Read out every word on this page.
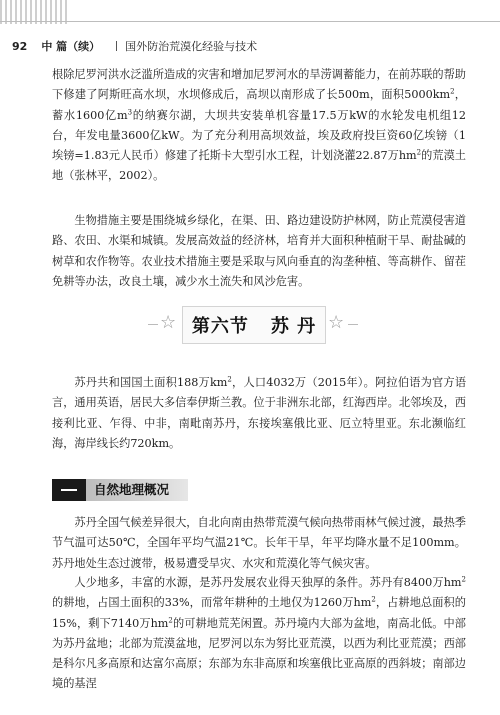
92 中 篇（续） 国外防治荒漠化经验与技术

根除尼罗河洪水泛滥所造成的灾害和增加尼罗河水的旱涝调蓄能力，在前苏联的帮助下修建了阿斯旺高水坝，水坝修成后，高坝以南形成了长500m，面积$5000km^2$，蓄水1600亿$m^3$的纳赛尔湖，大坝共安装单机容量17.5万kW的水轮发电机组12台，年发电量3600亿kW。为了充分利用高坝效益，埃及政府投巨资60亿埃镑（1埃镑=1.83元人民币）修建了托斯卡大型引水工程，计划浇灌22.87万$hm^2$的荒漠土地（张林平，2002）。

生物措施主要是围绕城乡绿化，在渠、田、路边建设防护林网，防止荒漠侵害道路、农田、水渠和城镇。发展高效益的经济林，培育并大面积种植耐干旱、耐盐碱的树草和农作物等。农业技术措施主要是采取与风向垂直的沟垄种植、等高耕作、留茬免耕等办法，改良土壤，减少水土流失和风沙危害。

☆ 第六节 苏 丹 ☆

苏丹共和国国土面积188万$km^2$，人口4032万（2015年）。阿拉伯语为官方语言，通用英语，居民大多信奉伊斯兰教。位于非洲东北部，红海西岸。北邻埃及，西接利比亚、乍得、中非，南毗南苏丹，东接埃塞俄比亚、厄立特里亚。东北濒临红海，海岸线长约720km。

自然地理概况

苏丹全国气候差异很大，自北向南由热带荒漠气候向热带雨林气候过渡，最热季节气温可达50℃，全国年平均气温21℃。长年干旱，年平均降水量不足100mm。苏丹地处生态过渡带，极易遭受旱灾、水灾和荒漠化等气候灾害。

人少地多，丰富的水源，是苏丹发展农业得天独厚的条件。苏丹有8400万$hm^2$的耕地，占国土面积的33%，而常年耕种的土地仅为1260万$hm^2$，占耕地总面积的15%，剩下7140万$hm^2$的可耕地荒芜闲置。苏丹境内大部为盆地，南高北低。中部为苏丹盆地；北部为荒漠盆地，尼罗河以东为努比亚荒漠，以西为利比亚荒漠；西部是科尔凡多高原和达富尔高原；东部为东非高原和埃塞俄比亚高原的西斜坡；南部边境的基涅
